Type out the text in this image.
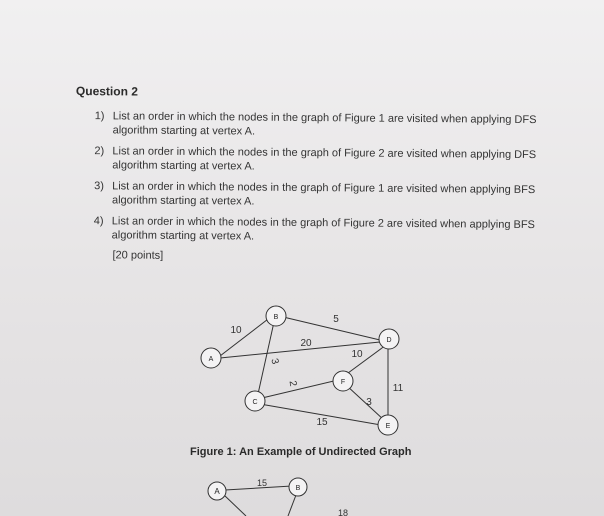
Question 2
1) List an order in which the nodes in the graph of Figure 1 are visited when applying DFS algorithm starting at vertex A.
2) List an order in which the nodes in the graph of Figure 2 are visited when applying DFS algorithm starting at vertex A.
3) List an order in which the nodes in the graph of Figure 1 are visited when applying BFS algorithm starting at vertex A.
4) List an order in which the nodes in the graph of Figure 2 are visited when applying BFS algorithm starting at vertex A.
[20 points]
A
B
C
D
E
F
A	B
10
5
20
3
2
10
11
3
15
15
18
Figure 1: An Example of Undirected Graph
